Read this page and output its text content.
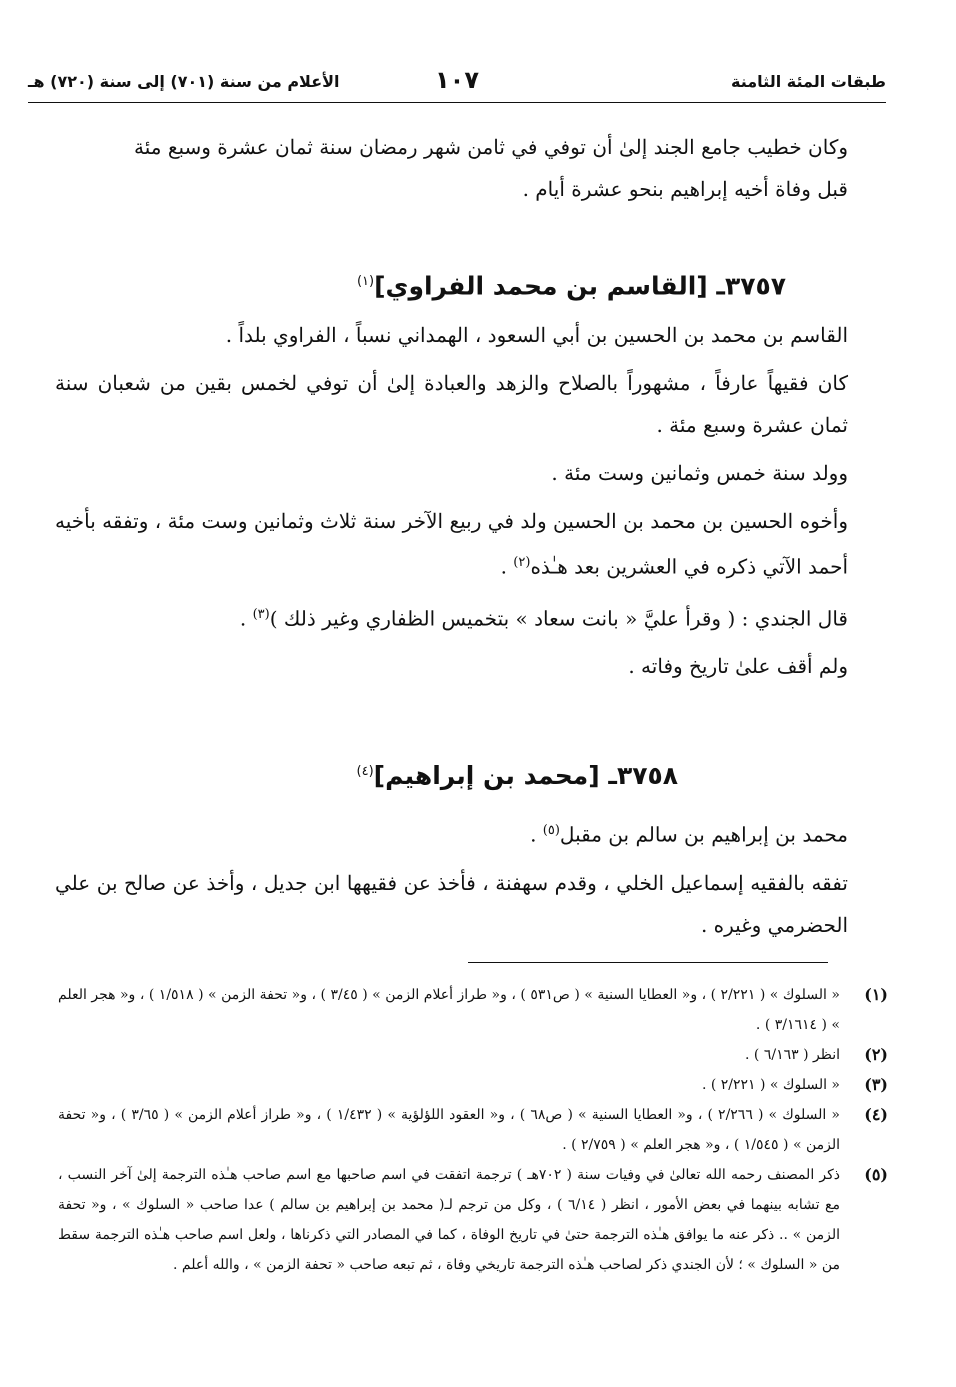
طبقات المئة الثامنة
١٠٧
الأعلام من سنة (٧٠١) إلى سنة (٧٢٠) هـ

وكان خطيب جامع الجند إلىٰ أن توفي في ثامن شهر رمضان سنة ثمان عشرة وسبع مئة

قبل وفاة أخيه إبراهيم بنحو عشرة أيام .

٣٧٥٧ـ [القاسم بن محمد الفراوي]$^{(١)}$

القاسم بن محمد بن الحسين بن أبي السعود ، الهمداني نسباً ، الفراوي بلداً .

كان فقيهاً عارفاً ، مشهوراً بالصلاح والزهد والعبادة إلىٰ أن توفي لخمس بقين من شعبان سنة ثمان عشرة وسبع مئة .

وولد سنة خمس وثمانين وست مئة .

وأخوه الحسين بن محمد بن الحسين ولد في ربيع الآخر سنة ثلاث وثمانين وست مئة ، وتفقه بأخيه أحمد الآتي ذكره في العشرين بعد هـٰذه$^{(٢)}$ .

قال الجندي : ( وقرأ عليَّ « بانت سعاد » بتخميس الظفاري وغير ذلك )$^{(٣)}$ .

ولم أقف علىٰ تاريخ وفاته .

٣٧٥٨ـ [محمد بن إبراهيم]$^{(٤)}$

محمد بن إبراهيم بن سالم بن مقبل$^{(٥)}$ .

تفقه بالفقيه إسماعيل الخلي ، وقدم سهفنة ، فأخذ عن فقيهها ابن جديل ، وأخذ عن صالح بن علي الحضرمي وغيره .

(١)
« السلوك » ( ٢/٢٢١ ) ، و« العطايا السنية » ( ص٥٣١ ) ، و« طراز أعلام الزمن » ( ٣/٤٥ ) ، و« تحفة الزمن » ( ١/٥١٨ ) ، و« هجر العلم » ( ٣/١٦١٤ ) .
(٢)
انظر ( ٦/١٦٣ ) .
(٣)
« السلوك » ( ٢/٢٢١ ) .
(٤)
« السلوك » ( ٢/٢٦٦ ) ، و« العطايا السنية » ( ص٦٨ ) ، و« العقود اللؤلؤية » ( ١/٤٣٢ ) ، و« طراز أعلام الزمن » ( ٣/٦٥ ) ، و« تحفة الزمن » ( ١/٥٤٥ ) ، و« هجر العلم » ( ٢/٧٥٩ ) .
(٥)
ذكر المصنف رحمه الله تعالىٰ في وفيات سنة ( ٧٠٢هـ ) ترجمة اتفقت في اسم صاحبها مع اسم صاحب هـٰذه الترجمة إلىٰ آخر النسب ، مع تشابه بينهما في بعض الأمور ، انظر ( ٦/١٤ ) ، وكل من ترجم لـ( محمد بن إبراهيم بن سالم ) عدا صاحب « السلوك » ، و« تحفة الزمن » .. ذكر عنه ما يوافق هـٰذه الترجمة حتىٰ في تاريخ الوفاة ، كما في المصادر التي ذكرناها ، ولعل اسم صاحب هـٰذه الترجمة سقط من « السلوك » ؛ لأن الجندي ذكر لصاحب هـٰذه الترجمة تاريخي وفاة ، ثم تبعه صاحب « تحفة الزمن » ، والله أعلم .
